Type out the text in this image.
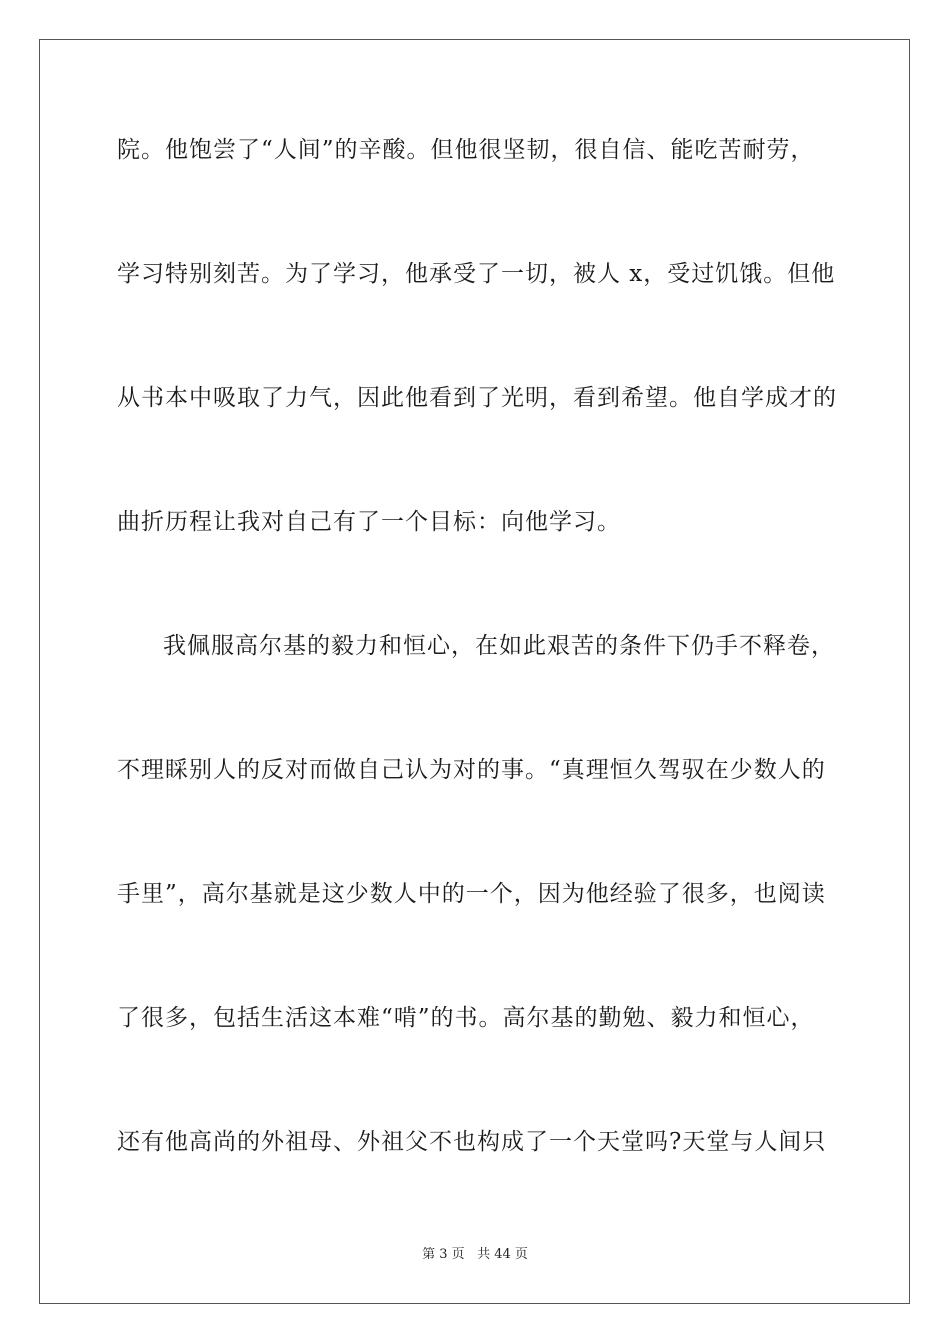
院。他饱尝了“人间”的辛酸。但他很坚韧，很自信、能吃苦耐劳，
学习特别刻苦。为了学习，他承受了一切，被人 x，受过饥饿。但他
从书本中吸取了力气，因此他看到了光明，看到希望。他自学成才的
曲折历程让我对自己有了一个目标：向他学习。
我佩服高尔基的毅力和恒心，在如此艰苦的条件下仍手不释卷，
不理睬别人的反对而做自己认为对的事。“真理恒久驾驭在少数人的
手里”，高尔基就是这少数人中的一个，因为他经验了很多，也阅读
了很多，包括生活这本难“啃”的书。高尔基的勤勉、毅力和恒心，
还有他高尚的外祖母、外祖父不也构成了一个天堂吗?天堂与人间只
第 3 页 共 44 页
